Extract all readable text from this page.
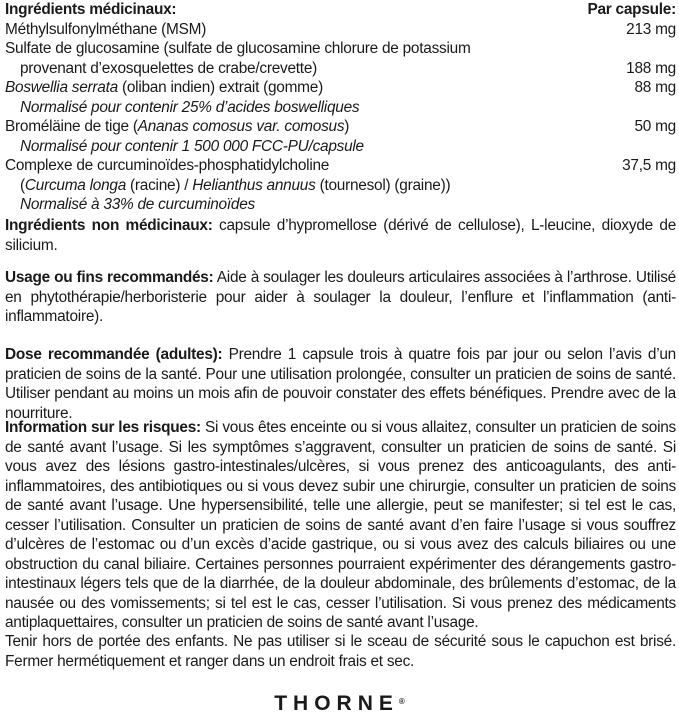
Ingrédients médicinaux:	Par capsule:
Méthylsulfonylméthane (MSM)	213 mg
Sulfate de glucosamine (sulfate de glucosamine chlorure de potassium
provenant d’exosquelettes de crabe/crevette)	188 mg
Boswellia serrata (oliban indien) extrait (gomme)	88 mg
Normalisé pour contenir 25% d’acides boswelliques
Broméläine de tige (Ananas comosus var. comosus)	50 mg
Normalisé pour contenir 1 500 000 FCC-PU/capsule
Complexe de curcuminoïdes-phosphatidylcholine	37,5 mg
(Curcuma longa (racine) / Helianthus annuus (tournesol) (graine))
Normalisé à 33% de curcuminoïdes

Ingrédients non médicinaux: capsule d’hypromellose (dérivé de cellulose), L-leucine, dioxyde de silicium.

Usage ou fins recommandés: Aide à soulager les douleurs articulaires associées à l’arthrose. Utilisé en phytothérapie/herboristerie pour aider à soulager la douleur, l’enflure et l’inflammation (anti-inflammatoire).

Dose recommandée (adultes): Prendre 1 capsule trois à quatre fois par jour ou selon l’avis d’un praticien de soins de la santé. Pour une utilisation prolongée, consulter un praticien de soins de santé. Utiliser pendant au moins un mois afin de pouvoir constater des effets bénéfiques. Prendre avec de la nourriture.

Information sur les risques: Si vous êtes enceinte ou si vous allaitez, consulter un praticien de soins de santé avant l’usage. Si les symptômes s’aggravent, consulter un praticien de soins de santé. Si vous avez des lésions gastro-intestinales/ulcères, si vous prenez des anticoagulants, des anti-inflammatoires, des antibiotiques ou si vous devez subir une chirurgie, consulter un praticien de soins de santé avant l’usage. Une hypersensibilité, telle une allergie, peut se manifester; si tel est le cas, cesser l’utilisation. Consulter un praticien de soins de santé avant d’en faire l’usage si vous souffrez d’ulcères de l’estomac ou d’un excès d’acide gastrique, ou si vous avez des calculs biliaires ou une obstruction du canal biliaire. Certaines personnes pourraient expérimenter des dérangements gastro-intestinaux légers tels que de la diarrhée, de la douleur abdominale, des brûlements d’estomac, de la nausée ou des vomissements; si tel est le cas, cesser l’utilisation. Si vous prenez des médicaments antiplaquettaires, consulter un praticien de soins de santé avant l’usage.

Tenir hors de portée des enfants. Ne pas utiliser si le sceau de sécurité sous le capuchon est brisé. Fermer hermétiquement et ranger dans un endroit frais et sec.

THORNE®
